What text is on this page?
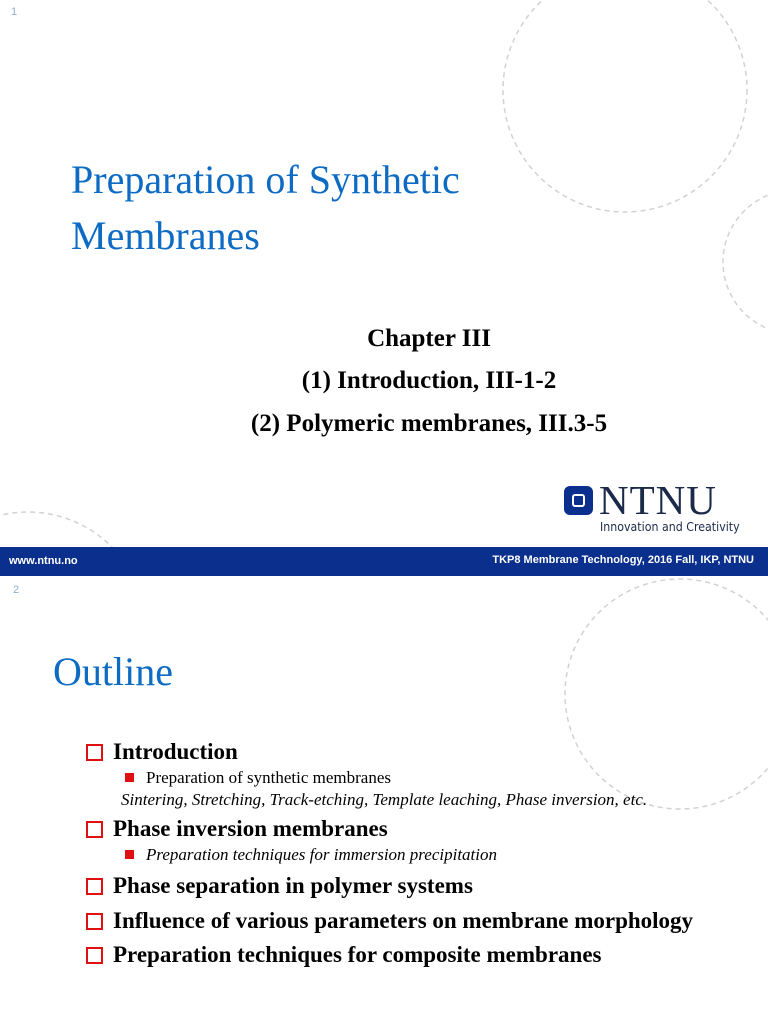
1
Preparation of Synthetic
Membranes
Chapter III
(1) Introduction, III-1-2
(2) Polymeric membranes, III.3-5
NTNU
Innovation and Creativity
www.ntnu.no	TKP8 Membrane Technology, 2016 Fall, IKP, NTNU
2
Outline
Introduction
Preparation of synthetic membranes
Sintering, Stretching, Track-etching, Template leaching, Phase inversion, etc.
Phase inversion membranes
Preparation techniques for immersion precipitation
Phase separation in polymer systems
Influence of various parameters on membrane morphology
Preparation techniques for composite membranes
